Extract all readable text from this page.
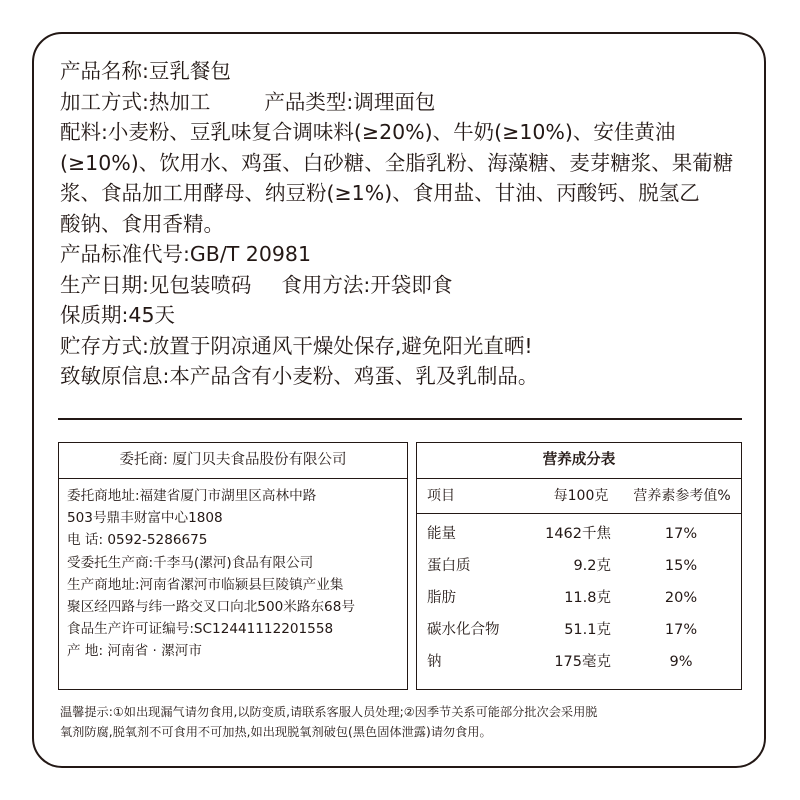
产品名称:豆乳餐包
加工方式:热加工	产品类型:调理面包
配料:小麦粉、豆乳味复合调味料(≥20%)、牛奶(≥10%)、安佳黄油
(≥10%)、饮用水、鸡蛋、白砂糖、全脂乳粉、海藻糖、麦芽糖浆、果葡糖
浆、食品加工用酵母、纳豆粉(≥1%)、食用盐、甘油、丙酸钙、脱氢乙
酸钠、食用香精。
产品标准代号:GB/T 20981
生产日期:见包装喷码 食用方法:开袋即食
保质期:45天
贮存方式:放置于阴凉通风干燥处保存,避免阳光直晒!
致敏原信息:本产品含有小麦粉、鸡蛋、乳及乳制品。
委托商: 厦门贝夫食品股份有限公司
委托商地址:福建省厦门市湖里区高林中路
503号鼎丰财富中心1808
电 话: 0592-5286675
受委托生产商:千李马(漯河)食品有限公司
生产商地址:河南省漯河市临颍县巨陵镇产业集
聚区经四路与纬一路交叉口向北500米路东68号
食品生产许可证编号:SC12441112201558
产 地: 河南省 · 漯河市
营养成分表
项目	每100克	营养素参考值%
能量	1462千焦	17%
蛋白质	9.2克	15%
脂肪	11.8克	20%
碳水化合物	51.1克	17%
钠	175毫克	9%
温馨提示:①如出现漏气请勿食用,以防变质,请联系客服人员处理;②因季节关系可能部分批次会采用脱
氧剂防腐,脱氧剂不可食用不可加热,如出现脱氧剂破包(黑色固体泄露)请勿食用。
